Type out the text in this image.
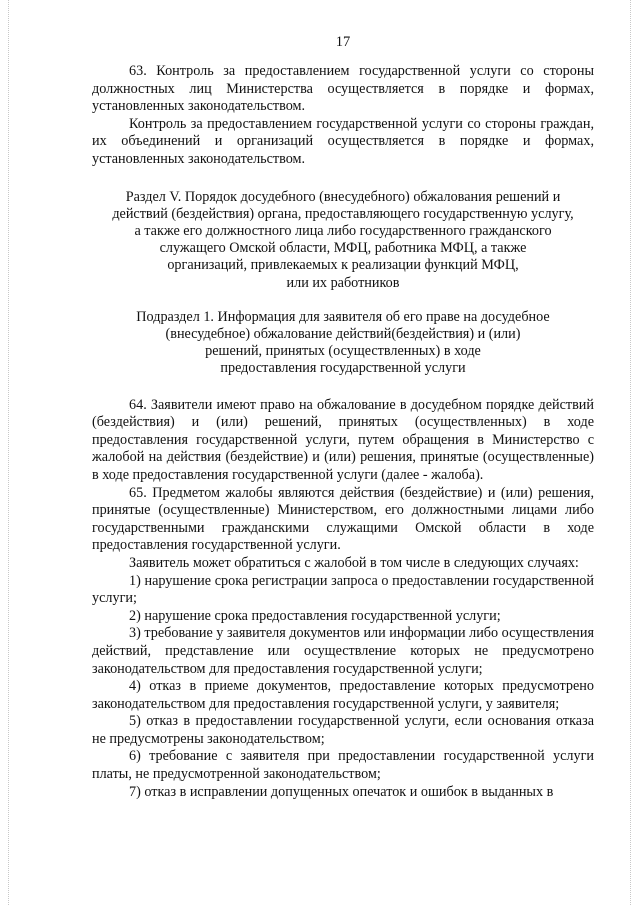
17

63. Контроль за предоставлением государственной услуги со стороны должностных лиц Министерства осуществляется в порядке и формах, установленных законодательством.

Контроль за предоставлением государственной услуги со стороны граждан, их объединений и организаций осуществляется в порядке и формах, установленных законодательством.

Раздел V. Порядок досудебного (внесудебного) обжалования решений и
действий (бездействия) органа, предоставляющего государственную услугу,
а также его должностного лица либо государственного гражданского
служащего Омской области, МФЦ, работника МФЦ, а также
организаций, привлекаемых к реализации функций МФЦ,
или их работников
Подраздел 1. Информация для заявителя об его праве на досудебное
(внесудебное) обжалование действий(бездействия) и (или)
решений, принятых (осуществленных) в ходе
предоставления государственной услуги

64. Заявители имеют право на обжалование в досудебном порядке действий (бездействия) и (или) решений, принятых (осуществленных) в ходе предоставления государственной услуги, путем обращения в Министерство с жалобой на действия (бездействие) и (или) решения, принятые (осуществленные) в ходе предоставления государственной услуги (далее - жалоба).

65. Предметом жалобы являются действия (бездействие) и (или) решения, принятые (осуществленные) Министерством, его должностными лицами либо государственными гражданскими служащими Омской области в ходе предоставления государственной услуги.

Заявитель может обратиться с жалобой в том числе в следующих случаях:

1) нарушение срока регистрации запроса о предоставлении государственной услуги;

2) нарушение срока предоставления государственной услуги;

3) требование у заявителя документов или информации либо осуществления действий, представление или осуществление которых не предусмотрено законодательством для предоставления государственной услуги;

4) отказ в приеме документов, предоставление которых предусмотрено законодательством для предоставления государственной услуги, у заявителя;

5) отказ в предоставлении государственной услуги, если основания отказа не предусмотрены законодательством;

6) требование с заявителя при предоставлении государственной услуги платы, не предусмотренной законодательством;

7) отказ в исправлении допущенных опечаток и ошибок в выданных в
